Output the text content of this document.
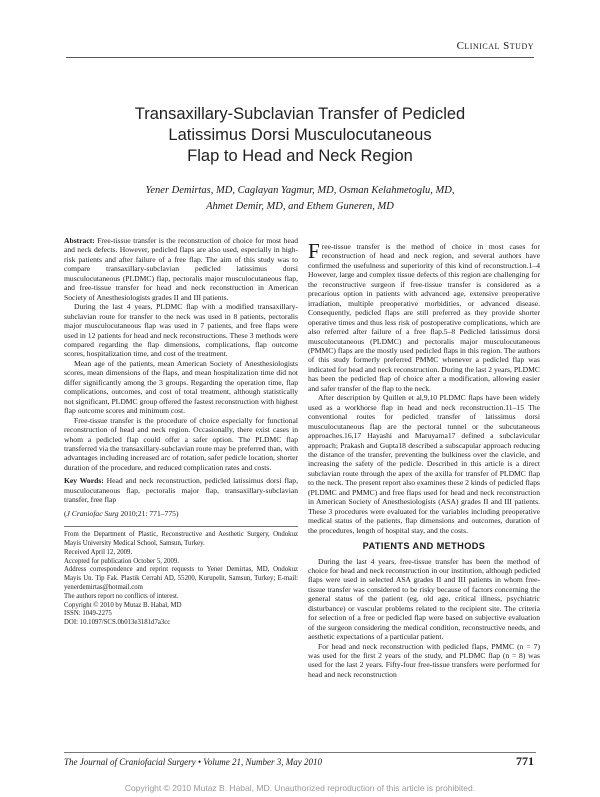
Clinical Study
Transaxillary-Subclavian Transfer of Pedicled
Latissimus Dorsi Musculocutaneous
Flap to Head and Neck Region
Yener Demirtas, MD, Caglayan Yagmur, MD, Osman Kelahmetoglu, MD,
Ahmet Demir, MD, and Ethem Guneren, MD

Abstract: Free-tissue transfer is the reconstruction of choice for most head and neck defects. However, pedicled flaps are also used, especially in high-risk patients and after failure of a free flap. The aim of this study was to compare transaxillary-subclavian pedicled latissimus dorsi musculocutaneous (PLDMC) flap, pectoralis major musculocutaneous flap, and free-tissue transfer for head and neck reconstruction in American Society of Anesthesiologists grades II and III patients.

During the last 4 years, PLDMC flap with a modified transaxillary-subclavian route for transfer to the neck was used in 8 patients, pectoralis major musculocutaneous flap was used in 7 patients, and free flaps were used in 12 patients for head and neck reconstructions. These 3 methods were compared regarding the flap dimensions, complications, flap outcome scores, hospitalization time, and cost of the treatment.

Mean age of the patients, mean American Society of Anesthesiologists scores, mean dimensions of the flaps, and mean hospitalization time did not differ significantly among the 3 groups. Regarding the operation time, flap complications, outcomes, and cost of total treatment, although statistically not significant, PLDMC group offered the fastest reconstruction with highest flap outcome scores and minimum cost.

Free-tissue transfer is the procedure of choice especially for functional reconstruction of head and neck region. Occasionally, there exist cases in whom a pedicled flap could offer a safer option. The PLDMC flap transferred via the transaxillary-subclavian route may be preferred than, with advantages including increased arc of rotation, safer pedicle location, shorter duration of the procedure, and reduced complication rates and costs.

Key Words: Head and neck reconstruction, pedicled latissimus dorsi flap, musculocutaneous flap, pectoralis major flap, transaxillary-subclavian transfer, free flap

(J Craniofac Surg 2010;21: 771–775)

From the Department of Plastic, Reconstructive and Aesthetic Surgery, Ondokuz Mayis University Medical School, Samsun, Turkey.

Received April 12, 2009.

Accepted for publication October 5, 2009.

Address correspondence and reprint requests to Yener Demirtas, MD, Ondokuz Mayis Un. Tip Fak. Plastik Cerrahi AD, 55200, Kurupelit, Samsun, Turkey; E-mail: yenerdemirtas@hotmail.com

The authors report no conflicts of interest.

Copyright © 2010 by Mutaz B. Habal, MD

ISSN: 1049-2275

DOI: 10.1097/SCS.0b013e3181d7a3cc

Free-tissue transfer is the method of choice in most cases for reconstruction of head and neck region, and several authors have confirmed the usefulness and superiority of this kind of reconstruction.1–4 However, large and complex tissue defects of this region are challenging for the reconstructive surgeon if free-tissue transfer is considered as a precarious option in patients with advanced age, extensive preoperative irradiation, multiple preoperative morbidities, or advanced disease. Consequently, pedicled flaps are still preferred as they provide shorter operative times and thus less risk of postoperative complications, which are also referred after failure of a free flap.5–8 Pedicled latissimus dorsi musculocutaneous (PLDMC) and pectoralis major musculocutaneous (PMMC) flaps are the mostly used pedicled flaps in this region. The authors of this study formerly preferred PMMC whenever a pedicled flap was indicated for head and neck reconstruction. During the last 2 years, PLDMC has been the pedicled flap of choice after a modification, allowing easier and safer transfer of the flap to the neck.

After description by Quillen et al,9,10 PLDMC flaps have been widely used as a workhorse flap in head and neck reconstruction.11–15 The conventional routes for pedicled transfer of latissimus dorsi musculocutaneous flap are the pectoral tunnel or the subcutaneous approaches.16,17 Hayashi and Maruyama17 defined a subclavicular approach; Prakash and Gupta18 described a subscapular approach reducing the distance of the transfer, preventing the bulkiness over the clavicle, and increasing the safety of the pedicle. Described in this article is a direct subclavian route through the apex of the axilla for transfer of PLDMC flap to the neck. The present report also examines these 2 kinds of pedicled flaps (PLDMC and PMMC) and free flaps used for head and neck reconstruction in American Society of Anesthesiologists (ASA) grades II and III patients. These 3 procedures were evaluated for the variables including preoperative medical status of the patients, flap dimensions and outcomes, duration of the procedures, length of hospital stay, and the costs.

PATIENTS AND METHODS

During the last 4 years, free-tissue transfer has been the method of choice for head and neck reconstruction in our institution, although pedicled flaps were used in selected ASA grades II and III patients in whom free-tissue transfer was considered to be risky because of factors concerning the general status of the patient (eg, old age, critical illness, psychiatric disturbance) or vascular problems related to the recipient site. The criteria for selection of a free or pedicled flap were based on subjective evaluation of the surgeon considering the medical condition, reconstructive needs, and aesthetic expectations of a particular patient.

For head and neck reconstruction with pedicled flaps, PMMC (n = 7) was used for the first 2 years of the study, and PLDMC flap (n = 8) was used for the last 2 years. Fifty-four free-tissue transfers were performed for head and neck reconstruction

The Journal of Craniofacial Surgery • Volume 21, Number 3, May 2010	771
Copyright © 2010 Mutaz B. Habal, MD. Unauthorized reproduction of this article is prohibited.
